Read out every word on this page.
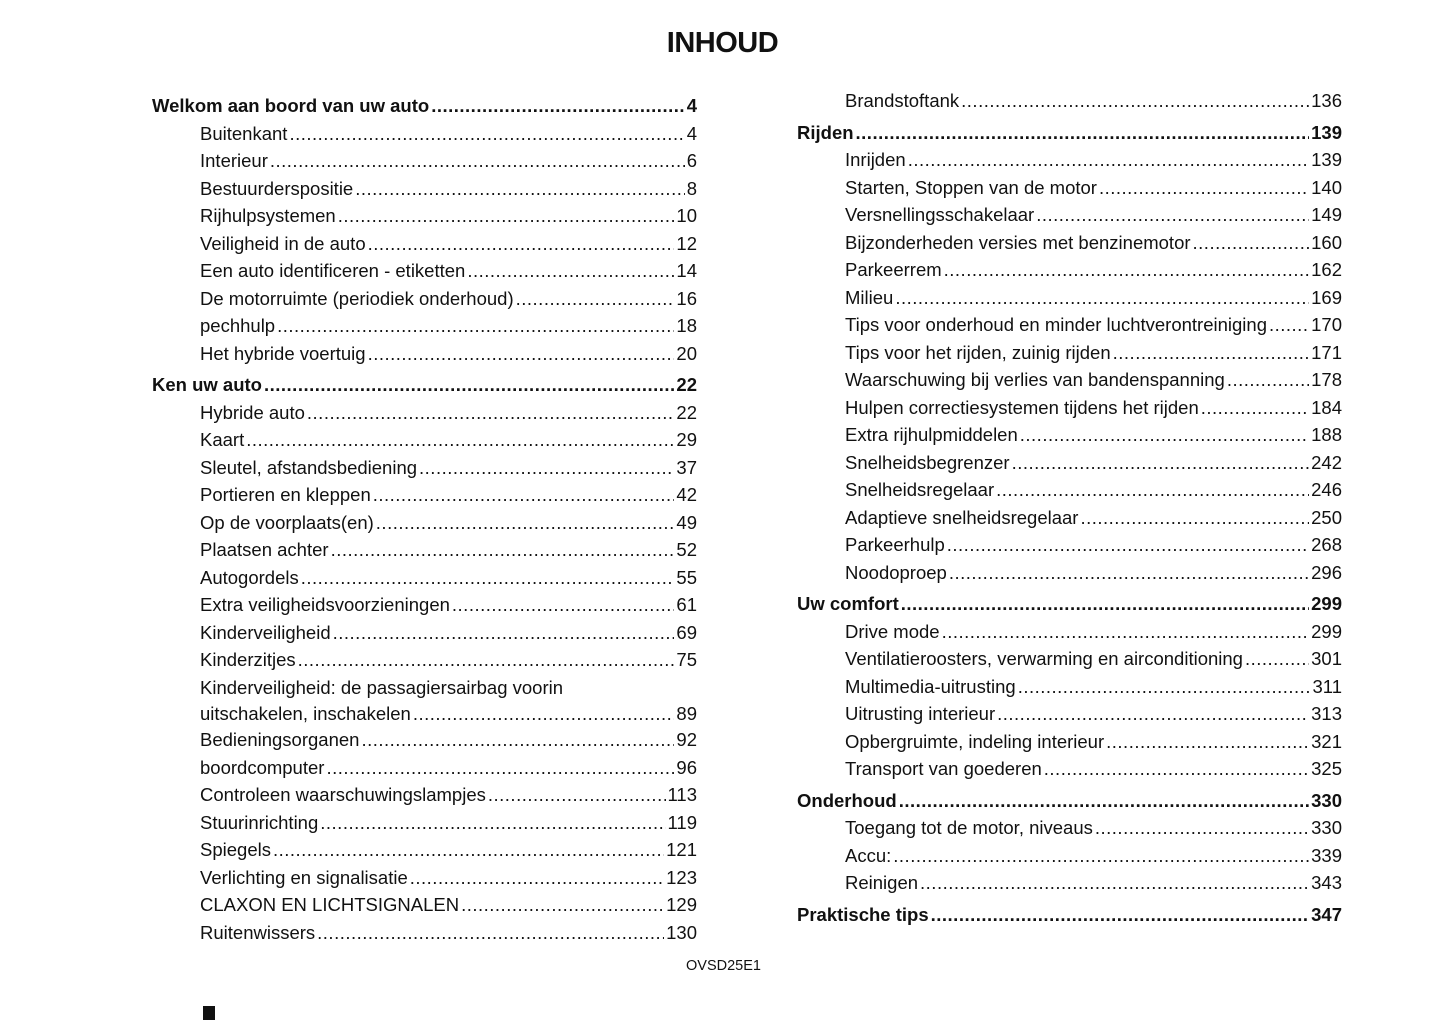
INHOUD
Welkom aan boord van uw auto .....	4
Buitenkant .....	4
Interieur .....	6
Bestuurderspositie .....	8
Rijhulpsystemen .....	10
Veiligheid in de auto .....	12
Een auto identificeren - etiketten .....	14
De motorruimte (periodiek onderhoud) .....	16
pechhulp .....	18
Het hybride voertuig .....	20
Ken uw auto .....	22
Hybride auto .....	22
Kaart .....	29
Sleutel, afstandsbediening .....	37
Portieren en kleppen .....	42
Op de voorplaats(en) .....	49
Plaatsen achter .....	52
Autogordels .....	55
Extra veiligheidsvoorzieningen .....	61
Kinderveiligheid .....	69
Kinderzitjes .....	75
Kinderveiligheid: de passagiersairbag voorin
uitschakelen, inschakelen .....	89
Bedieningsorganen .....	92
boordcomputer .....	96
Controleen waarschuwingslampjes .....	113
Stuurinrichting .....	119
Spiegels .....	121
Verlichting en signalisatie .....	123
CLAXON EN LICHTSIGNALEN .....	129
Ruitenwissers .....	130
Brandstoftank .....	136
Rijden .....	139
Inrijden .....	139
Starten, Stoppen van de motor .....	140
Versnellingsschakelaar .....	149
Bijzonderheden versies met benzinemotor .....	160
Parkeerrem .....	162
Milieu .....	169
Tips voor onderhoud en minder luchtverontreiniging ..... 170
Tips voor het rijden, zuinig rijden .....	171
Waarschuwing bij verlies van bandenspanning .....	178
Hulpen correctiesystemen tijdens het rijden .....	184
Extra rijhulpmiddelen .....	188
Snelheidsbegrenzer .....	242
Snelheidsregelaar .....	246
Adaptieve snelheidsregelaar .....	250
Parkeerhulp .....	268
Noodoproep .....	296
Uw comfort .....	299
Drive mode .....	299
Ventilatieroosters, verwarming en airconditioning .....	301
Multimedia-uitrusting .....	311
Uitrusting interieur .....	313
Opbergruimte, indeling interieur .....	321
Transport van goederen .....	325
Onderhoud .....	330
Toegang tot de motor, niveaus .....	330
Accu: .....	339
Reinigen .....	343
Praktische tips .....	347
OVSD25E1
